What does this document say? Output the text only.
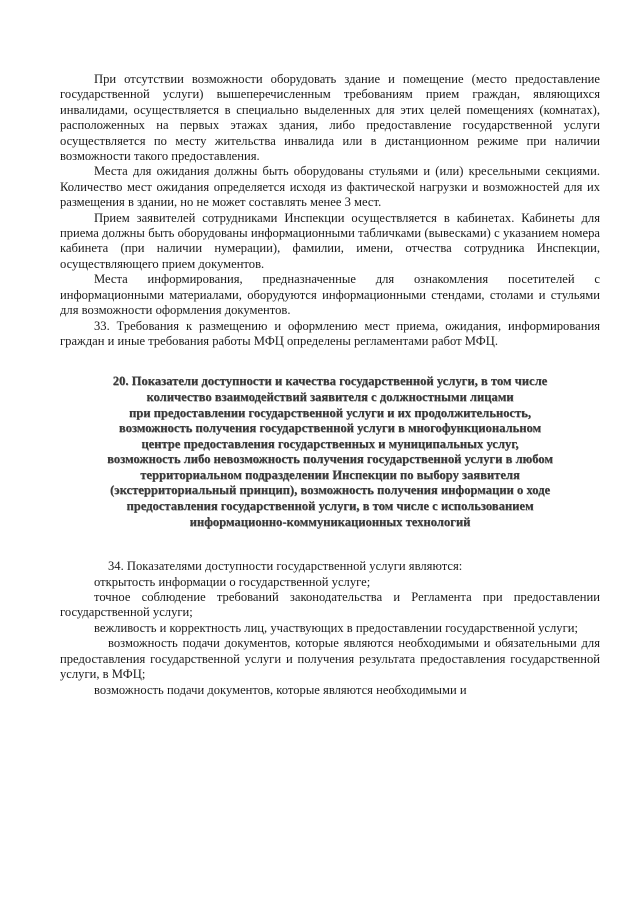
При отсутствии возможности оборудовать здание и помещение (место предоставление государственной услуги) вышеперечисленным требованиям прием граждан, являющихся инвалидами, осуществляется в специально выделенных для этих целей помещениях (комнатах), расположенных на первых этажах здания, либо предоставление государственной услуги осуществляется по месту жительства инвалида или в дистанционном режиме при наличии возможности такого предоставления.

Места для ожидания должны быть оборудованы стульями и (или) кресельными секциями. Количество мест ожидания определяется исходя из фактической нагрузки и возможностей для их размещения в здании, но не может составлять менее 3 мест.

Прием заявителей сотрудниками Инспекции осуществляется в кабинетах. Кабинеты для приема должны быть оборудованы информационными табличками (вывесками) с указанием номера кабинета (при наличии нумерации), фамилии, имени, отчества сотрудника Инспекции, осуществляющего прием документов.

Места информирования, предназначенные для ознакомления посетителей с информационными материалами, оборудуются информационными стендами, столами и стульями для возможности оформления документов.

33. Требования к размещению и оформлению мест приема, ожидания, информирования граждан и иные требования работы МФЦ определены регламентами работ МФЦ.

20. Показатели доступности и качества государственной услуги, в том числе
количество взаимодействий заявителя с должностными лицами
при предоставлении государственной услуги и их продолжительность,
возможность получения государственной услуги в многофункциональном
центре предоставления государственных и муниципальных услуг,
возможность либо невозможность получения государственной услуги в любом
территориальном подразделении Инспекции по выбору заявителя
(экстерриториальный принцип), возможность получения информации о ходе
предоставления государственной услуги, в том числе с использованием
информационно-коммуникационных технологий

34. Показателями доступности государственной услуги являются:

открытость информации о государственной услуге;

точное соблюдение требований законодательства и Регламента при предоставлении государственной услуги;

вежливость и корректность лиц, участвующих в предоставлении государственной услуги;

возможность подачи документов, которые являются необходимыми и обязательными для предоставления государственной услуги и получения результата предоставления государственной услуги, в МФЦ;

возможность подачи документов, которые являются необходимыми и
